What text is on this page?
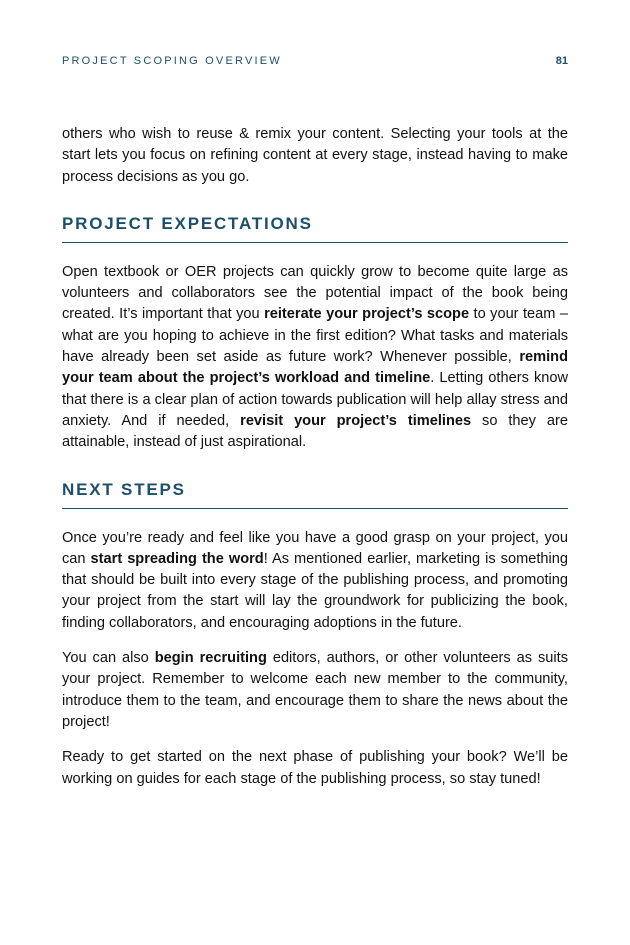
PROJECT SCOPING OVERVIEW	81

others who wish to reuse & remix your content. Selecting your tools at the start lets you focus on refining content at every stage, instead having to make process decisions as you go.

PROJECT EXPECTATIONS

Open textbook or OER projects can quickly grow to become quite large as volunteers and collaborators see the potential impact of the book being created. It’s important that you reiterate your project’s scope to your team – what are you hoping to achieve in the first edition? What tasks and materials have already been set aside as future work? Whenever possible, remind your team about the project’s workload and timeline. Letting others know that there is a clear plan of action towards publication will help allay stress and anxiety. And if needed, revisit your project’s timelines so they are attainable, instead of just aspirational.

NEXT STEPS

Once you’re ready and feel like you have a good grasp on your project, you can start spreading the word! As mentioned earlier, marketing is something that should be built into every stage of the publishing process, and promoting your project from the start will lay the groundwork for publicizing the book, finding collaborators, and encouraging adoptions in the future.

You can also begin recruiting editors, authors, or other volunteers as suits your project. Remember to welcome each new member to the community, introduce them to the team, and encourage them to share the news about the project!

Ready to get started on the next phase of publishing your book? We’ll be working on guides for each stage of the publishing process, so stay tuned!
